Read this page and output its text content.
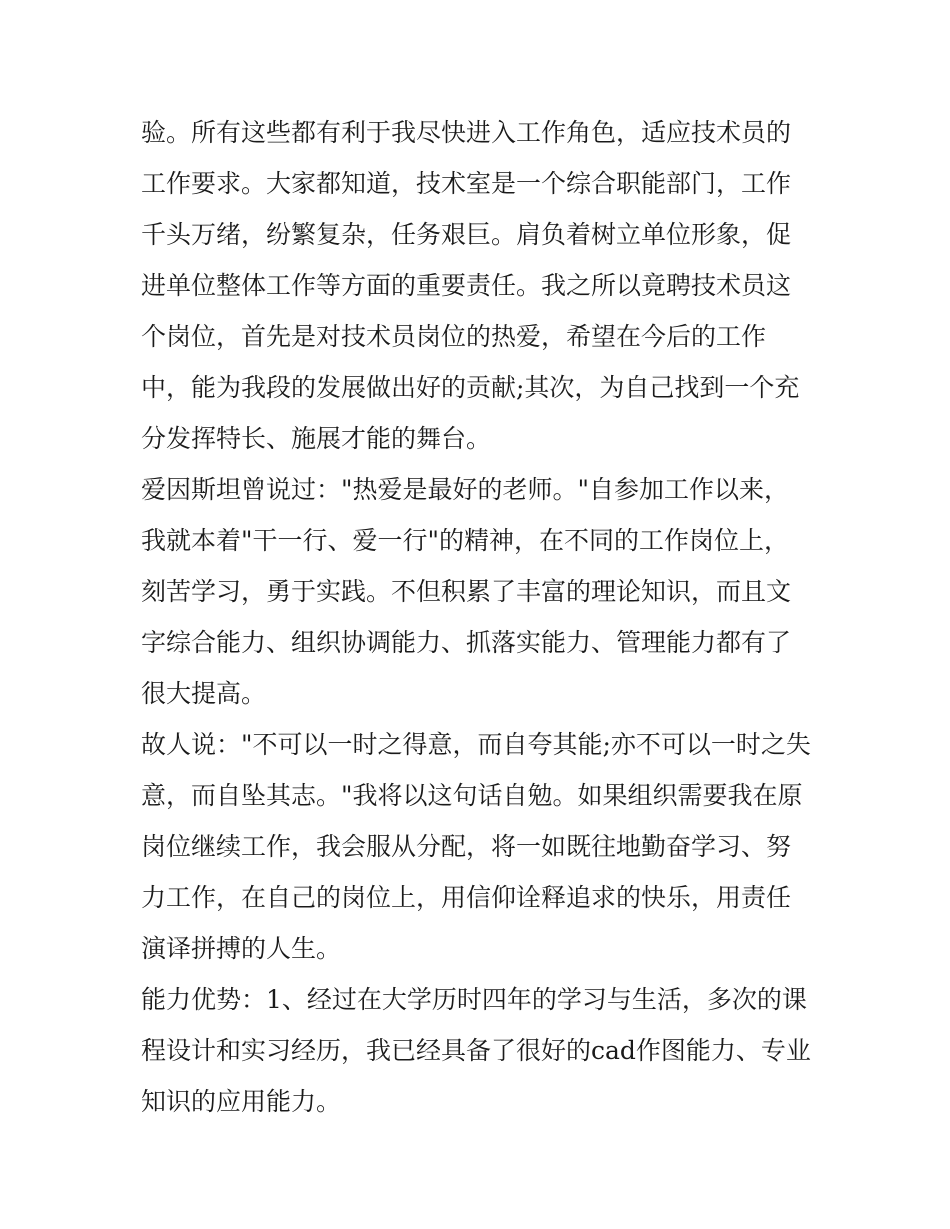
验。所有这些都有利于我尽快进入工作角色，适应技术员的工作要求。大家都知道，技术室是一个综合职能部门，工作千头万绪，纷繁复杂，任务艰巨。肩负着树立单位形象，促进单位整体工作等方面的重要责任。我之所以竟聘技术员这个岗位，首先是对技术员岗位的热爱，希望在今后的工作中，能为我段的发展做出好的贡献;其次，为自己找到一个充分发挥特长、施展才能的舞台。

爱因斯坦曾说过："热爱是最好的老师。"自参加工作以来，我就本着"干一行、爱一行"的精神，在不同的工作岗位上，刻苦学习，勇于实践。不但积累了丰富的理论知识，而且文字综合能力、组织协调能力、抓落实能力、管理能力都有了很大提高。

故人说："不可以一时之得意，而自夸其能;亦不可以一时之失意，而自坠其志。"我将以这句话自勉。如果组织需要我在原岗位继续工作，我会服从分配，将一如既往地勤奋学习、努力工作，在自己的岗位上，用信仰诠释追求的快乐，用责任演译拼搏的人生。

能力优势：1、经过在大学历时四年的学习与生活，多次的课程设计和实习经历，我已经具备了很好的cad作图能力、专业知识的应用能力。
